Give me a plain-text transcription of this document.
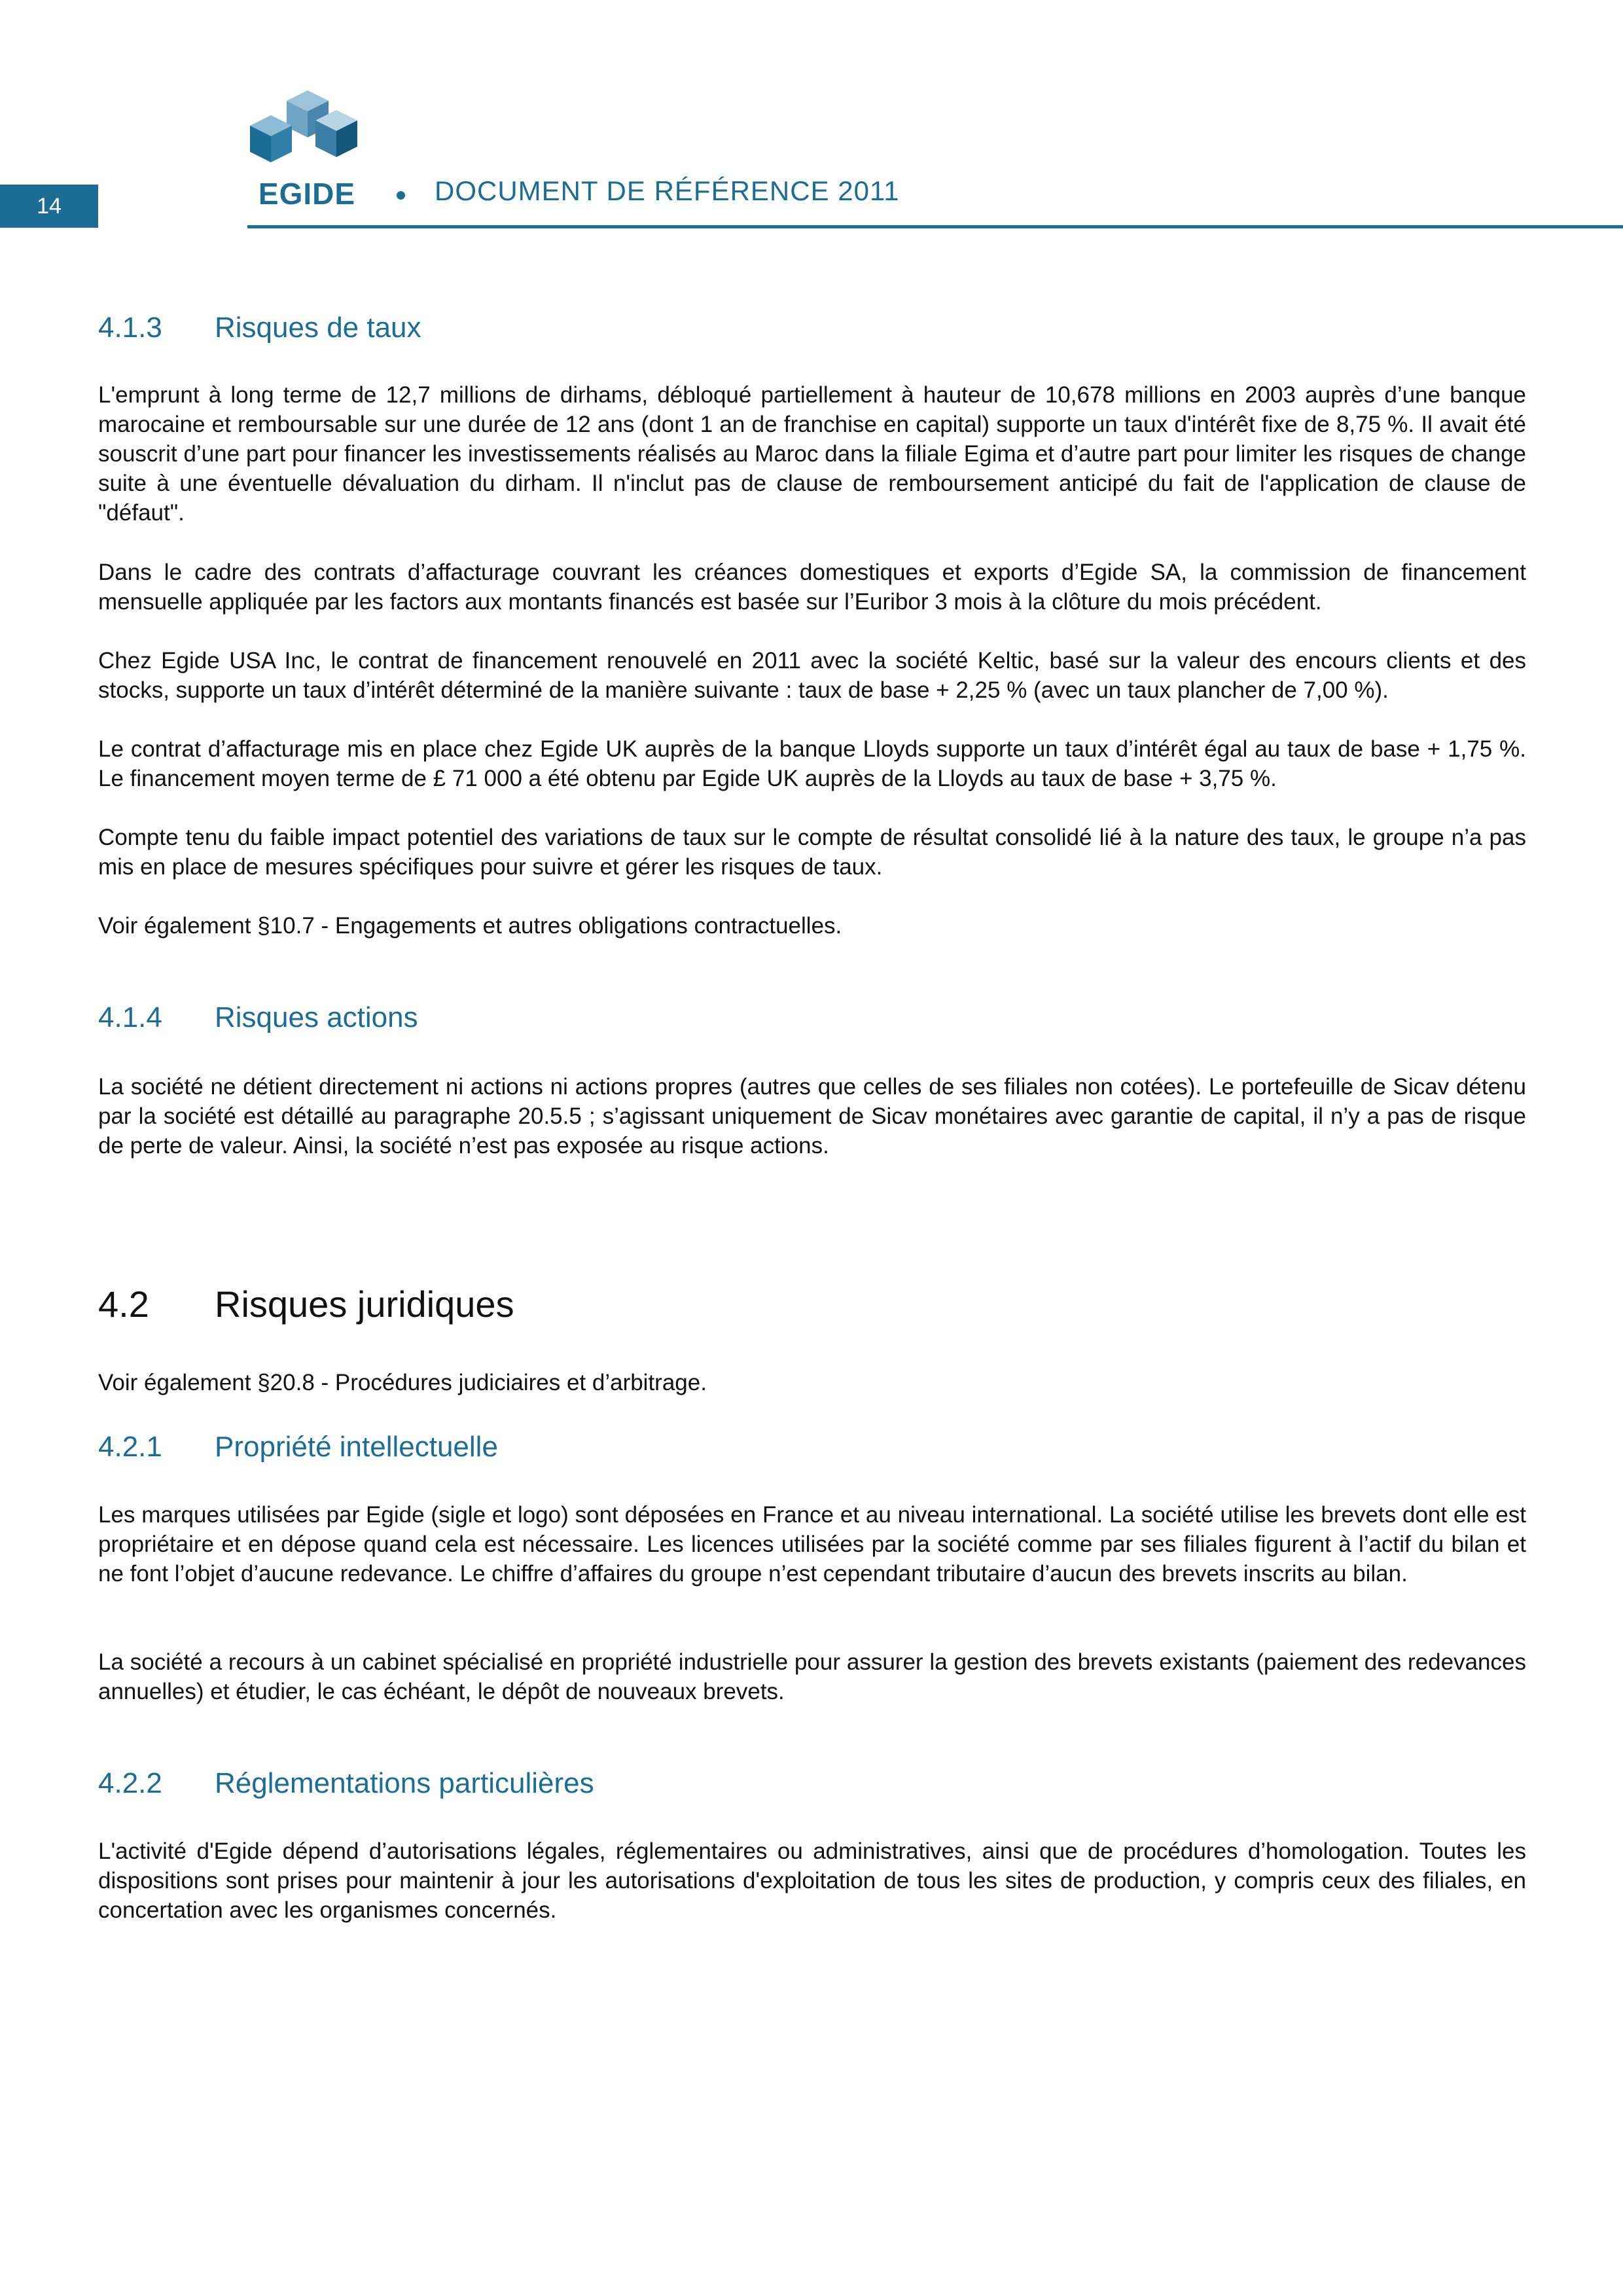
14	EGIDE	DOCUMENT DE RÉFÉRENCE 2011
4.1.3 Risques de taux

L'emprunt à long terme de 12,7 millions de dirhams, débloqué partiellement à hauteur de 10,678 millions en 2003 auprès d’une banque marocaine et remboursable sur une durée de 12 ans (dont 1 an de franchise en capital) supporte un taux d'intérêt fixe de 8,75 %. Il avait été souscrit d’une part pour financer les investissements réalisés au Maroc dans la filiale Egima et d’autre part pour limiter les risques de change suite à une éventuelle dévaluation du dirham. Il n'inclut pas de clause de remboursement anticipé du fait de l'application de clause de "défaut".

Dans le cadre des contrats d’affacturage couvrant les créances domestiques et exports d’Egide SA, la commission de financement mensuelle appliquée par les factors aux montants financés est basée sur l’Euribor 3 mois à la clôture du mois précédent.

Chez Egide USA Inc, le contrat de financement renouvelé en 2011 avec la société Keltic, basé sur la valeur des encours clients et des stocks, supporte un taux d’intérêt déterminé de la manière suivante : taux de base + 2,25 % (avec un taux plancher de 7,00 %).

Le contrat d’affacturage mis en place chez Egide UK auprès de la banque Lloyds supporte un taux d’intérêt égal au taux de base + 1,75 %. Le financement moyen terme de £ 71 000 a été obtenu par Egide UK auprès de la Lloyds au taux de base + 3,75 %.

Compte tenu du faible impact potentiel des variations de taux sur le compte de résultat consolidé lié à la nature des taux, le groupe n’a pas mis en place de mesures spécifiques pour suivre et gérer les risques de taux.

Voir également §10.7 - Engagements et autres obligations contractuelles.

4.1.4 Risques actions

La société ne détient directement ni actions ni actions propres (autres que celles de ses filiales non cotées). Le portefeuille de Sicav détenu par la société est détaillé au paragraphe 20.5.5 ; s’agissant uniquement de Sicav monétaires avec garantie de capital, il n’y a pas de risque de perte de valeur. Ainsi, la société n’est pas exposée au risque actions.

4.2 Risques juridiques

Voir également §20.8 - Procédures judiciaires et d’arbitrage.

4.2.1 Propriété intellectuelle

Les marques utilisées par Egide (sigle et logo) sont déposées en France et au niveau international. La société utilise les brevets dont elle est propriétaire et en dépose quand cela est nécessaire. Les licences utilisées par la société comme par ses filiales figurent à l’actif du bilan et ne font l’objet d’aucune redevance. Le chiffre d’affaires du groupe n’est cependant tributaire d’aucun des brevets inscrits au bilan.

La société a recours à un cabinet spécialisé en propriété industrielle pour assurer la gestion des brevets existants (paiement des redevances annuelles) et étudier, le cas échéant, le dépôt de nouveaux brevets.

4.2.2 Réglementations particulières

L'activité d'Egide dépend d’autorisations légales, réglementaires ou administratives, ainsi que de procédures d’homologation. Toutes les dispositions sont prises pour maintenir à jour les autorisations d'exploitation de tous les sites de production, y compris ceux des filiales, en concertation avec les organismes concernés.
